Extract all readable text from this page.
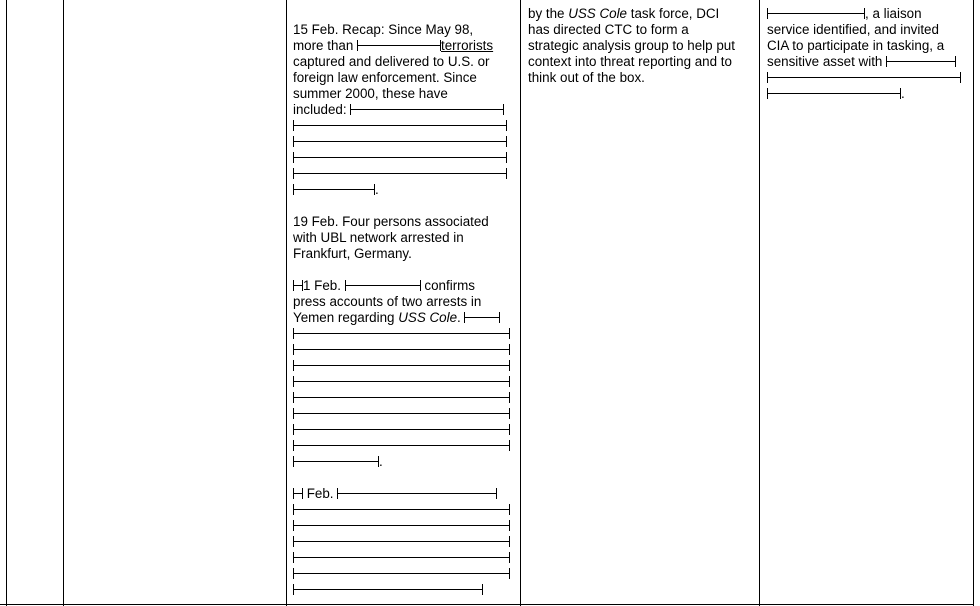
15 Feb. Recap: Since May 98,
more than	terrorists
captured and delivered to U.S. or
foreign law enforcement. Since
summer 2000, these have
included:
.
19 Feb. Four persons associated
with UBL network arrested in
Frankfurt, Germany.
1 Feb.	confirms
press accounts of two arrests in
Yemen regarding USS Cole.
.
Feb.
by the USS Cole task force, DCI
has directed CTC to form a
strategic analysis group to help put
context into threat reporting and to
think out of the box.
, a liaison
service identified, and invited
CIA to participate in tasking, a
sensitive asset with
.
